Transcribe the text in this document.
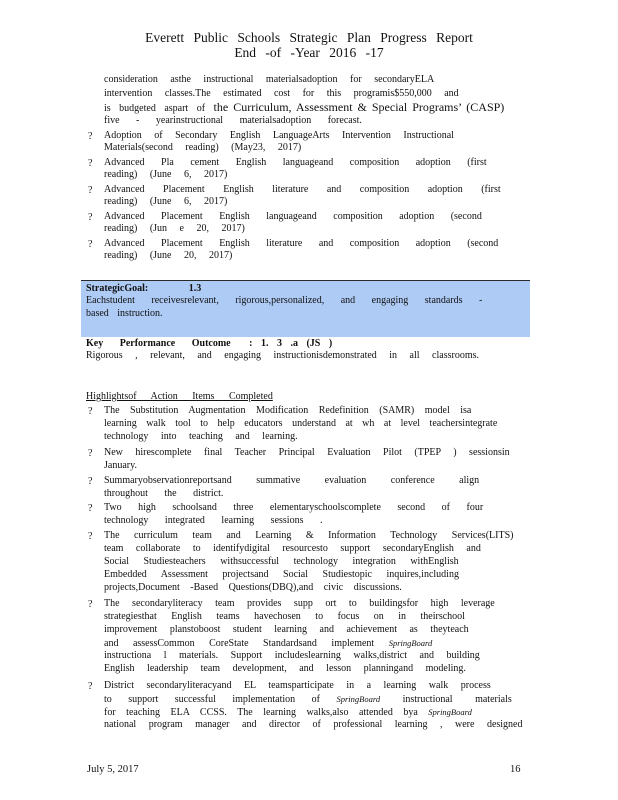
Everett Public Schools Strategic Plan Progress Report
End -of -Year 2016 -17
consideration asthe instructional materialsadoption for secondaryELA
intervention classes.The estimated cost for this programis$550,000 and
is budgeted aspart of the Curriculum, Assessment & Special Programs’ (CASP)
five - yearinstructional materialsadoption forecast.
? Adoption of Secondary English LanguageArts Intervention Instructional
Materials(second reading) (May23, 2017)
? Advanced Pla cement English languageand composition adoption (first
reading) (June 6, 2017)
? Advanced Placement English literature and composition adoption (first
reading) (June 6, 2017)
? Advanced Placement English languageand composition adoption (second
reading) (Jun e 20, 2017)
? Advanced Placement English literature and composition adoption (second
reading) (June 20, 2017)
StrategicGoal:	1.3
Eachstudent receivesrelevant, rigorous,personalized, and engaging standards -
based instruction.
Key Performance Outcome : 1. 3 .a (JS )
Rigorous , relevant, and engaging instructionisdemonstrated in all classrooms.
Highlightsof Action Items Completed
? The Substitution Augmentation Modification Redefinition (SAMR) model isa
learning walk tool to help educators understand at wh at level teachersintegrate
technology into teaching and learning.
? New hirescomplete final Teacher Principal Evaluation Pilot (TPEP ) sessionsin
January.
? Summaryobservationreportsand summative evaluation conference align
throughout the district.
? Two high schoolsand three elementaryschoolscomplete second of four
technology integrated learning sessions .
? The curriculum team and Learning & Information Technology Services(LITS)
team collaborate to identifydigital resourcesto support secondaryEnglish and
Social Studiesteachers withsuccessful technology integration withEnglish
Embedded Assessment projectsand Social Studiestopic inquires,including
projects,Document -Based Questions(DBQ),and civic discussions.
? The secondaryliteracy team provides supp ort to buildingsfor high leverage
strategiesthat English teams havechosen to focus on in theirschool
improvement planstoboost student learning and achievement as theyteach
and assessCommon CoreState Standardsand implement SpringBoard
instructiona l materials. Support includeslearning walks,district and building
English leadership team development, and lesson planningand modeling.
? District secondaryliteracyand EL teamsparticipate in a learning walk process
to support successful implementation of SpringBoard instructional materials
for teaching ELA CCSS. The learning walks,also attended bya SpringBoard
national program manager and director of professional learning , were designed
July 5, 2017	16
